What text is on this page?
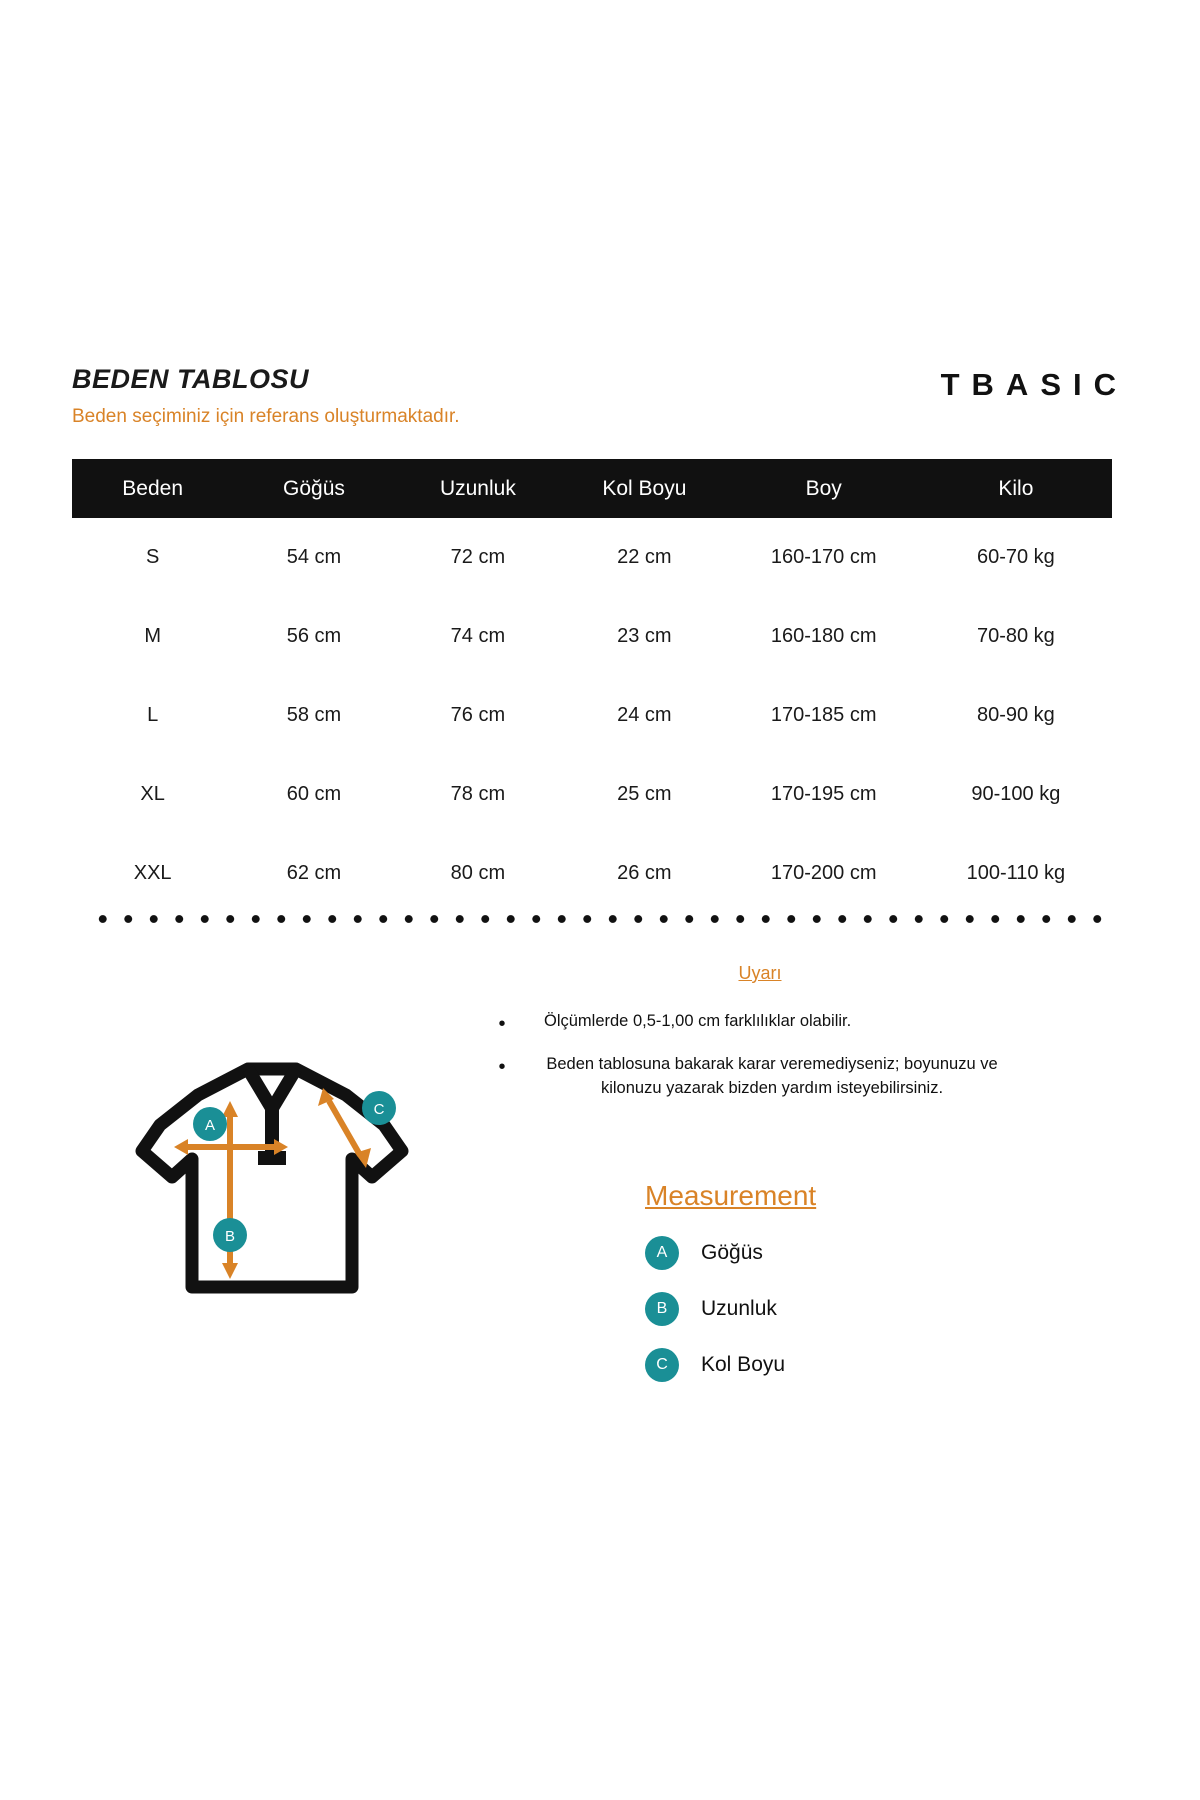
BEDEN TABLOSU
Beden seçiminiz için referans oluşturmaktadır.
TBASIC
Beden	Göğüs	Uzunluk	Kol Boyu	Boy	Kilo
S	54 cm	72 cm	22 cm	160-170 cm	60-70 kg
M	56 cm	74 cm	23 cm	160-180 cm	70-80 kg
L	58 cm	76 cm	24 cm	170-185 cm	80-90 kg
XL	60 cm	78 cm	25 cm	170-195 cm	90-100 kg
XXL	62 cm	80 cm	26 cm	170-200 cm	100-110 kg
Uyarı
•	Ölçümlerde 0,5-1,00 cm farklılıklar olabilir.
•	Beden tablosuna bakarak karar veremediyseniz; boyunuzu ve kilonuzu yazarak bizden yardım isteyebilirsiniz.
Measurement
A	Göğüs
B	Uzunluk
C	Kol Boyu
A
B
C
